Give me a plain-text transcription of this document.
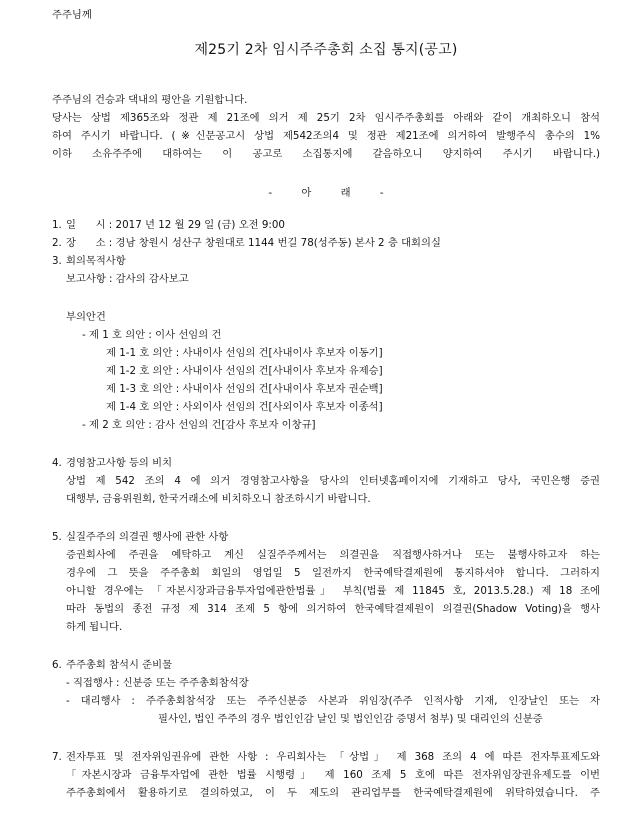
주주님께
제25기 2차 임시주주총회 소집 통지(공고)

주주님의 건승과 댁내의 평안을 기원합니다.

당사는 상법 제365조와 정관 제 21조에 의거 제 25기 2차 임시주주총회를 아래와 같이 개최하오니 참석

하여 주시기 바랍니다. (※신문공고시 상법 제542조의4 및 정관 제21조에 의거하여 발행주식 총수의 1%

이하 소유주주에 대하여는 이 공고로 소집통지에 갈음하오니 양지하여 주시기 바랍니다.)

- 아 래 -
1. 일      시 : 2017 년 12 월 29 일 (금) 오전 9:00
2. 장      소 : 경남 창원시 성산구 창원대로 1144 번길 78(성주동) 본사 2 층 대회의실
3. 회의목적사항
보고사항 : 감사의 감사보고
부의안건
- 제 1 호 의안 : 이사 선임의 건
제 1-1 호 의안 : 사내이사 선임의 건[사내이사 후보자 이동기]
제 1-2 호 의안 : 사내이사 선임의 건[사내이사 후보자 유제승]
제 1-3 호 의안 : 사내이사 선임의 건[사내이사 후보자 권순백]
제 1-4 호 의안 : 사외이사 선임의 건[사외이사 후보자 이종석]
- 제 2 호 의안 : 감사 선임의 건[감사 후보자 이창규]
4. 경영참고사항 등의 비치
상법 제 542 조의 4 에 의거 경영참고사항을 당사의 인터넷홈페이지에 기재하고 당사, 국민은행 증권
대행부, 금융위원회, 한국거래소에 비치하오니 참조하시기 바랍니다.
5. 실질주주의 의결권 행사에 관한 사항
증권회사에 주권을 예탁하고 계신 실질주주께서는 의결권을 직접행사하거나 또는 불행사하고자 하는
경우에 그 뜻을 주주총회 회일의 영업일 5 일전까지 한국예탁결제원에 통지하셔야 합니다. 그러하지
아니할 경우에는 「자본시장과금융투자업에관한법률」 부칙(법률 제 11845 호, 2013.5.28.) 제 18 조에
따라 동법의 종전 규정 제 314 조제 5 항에 의거하여 한국예탁결제원이 의결권(Shadow Voting)을 행사
하게 됩니다.
6. 주주총회 참석시 준비물
- 직접행사 : 신분증 또는 주주총회참석장
- 대리행사 : 주주총회참석장 또는 주주신분증 사본과 위임장(주주 인적사항 기재, 인장날인 또는 자
필사인, 법인 주주의 경우 법인인감 날인 및 법인인감 증명서 첨부) 및 대리인의 신분증
7. 전자투표 및 전자위임권유에 관한 사항 : 우리회사는 「상법」 제 368 조의 4 에 따른 전자투표제도와
「자본시장과 금융투자업에 관한 법률 시행령」 제 160 조제 5 호에 따른 전자위임장권유제도를 이번
주주총회에서 활용하기로 결의하였고, 이 두 제도의 관리업무를 한국예탁결제원에 위탁하였습니다. 주
